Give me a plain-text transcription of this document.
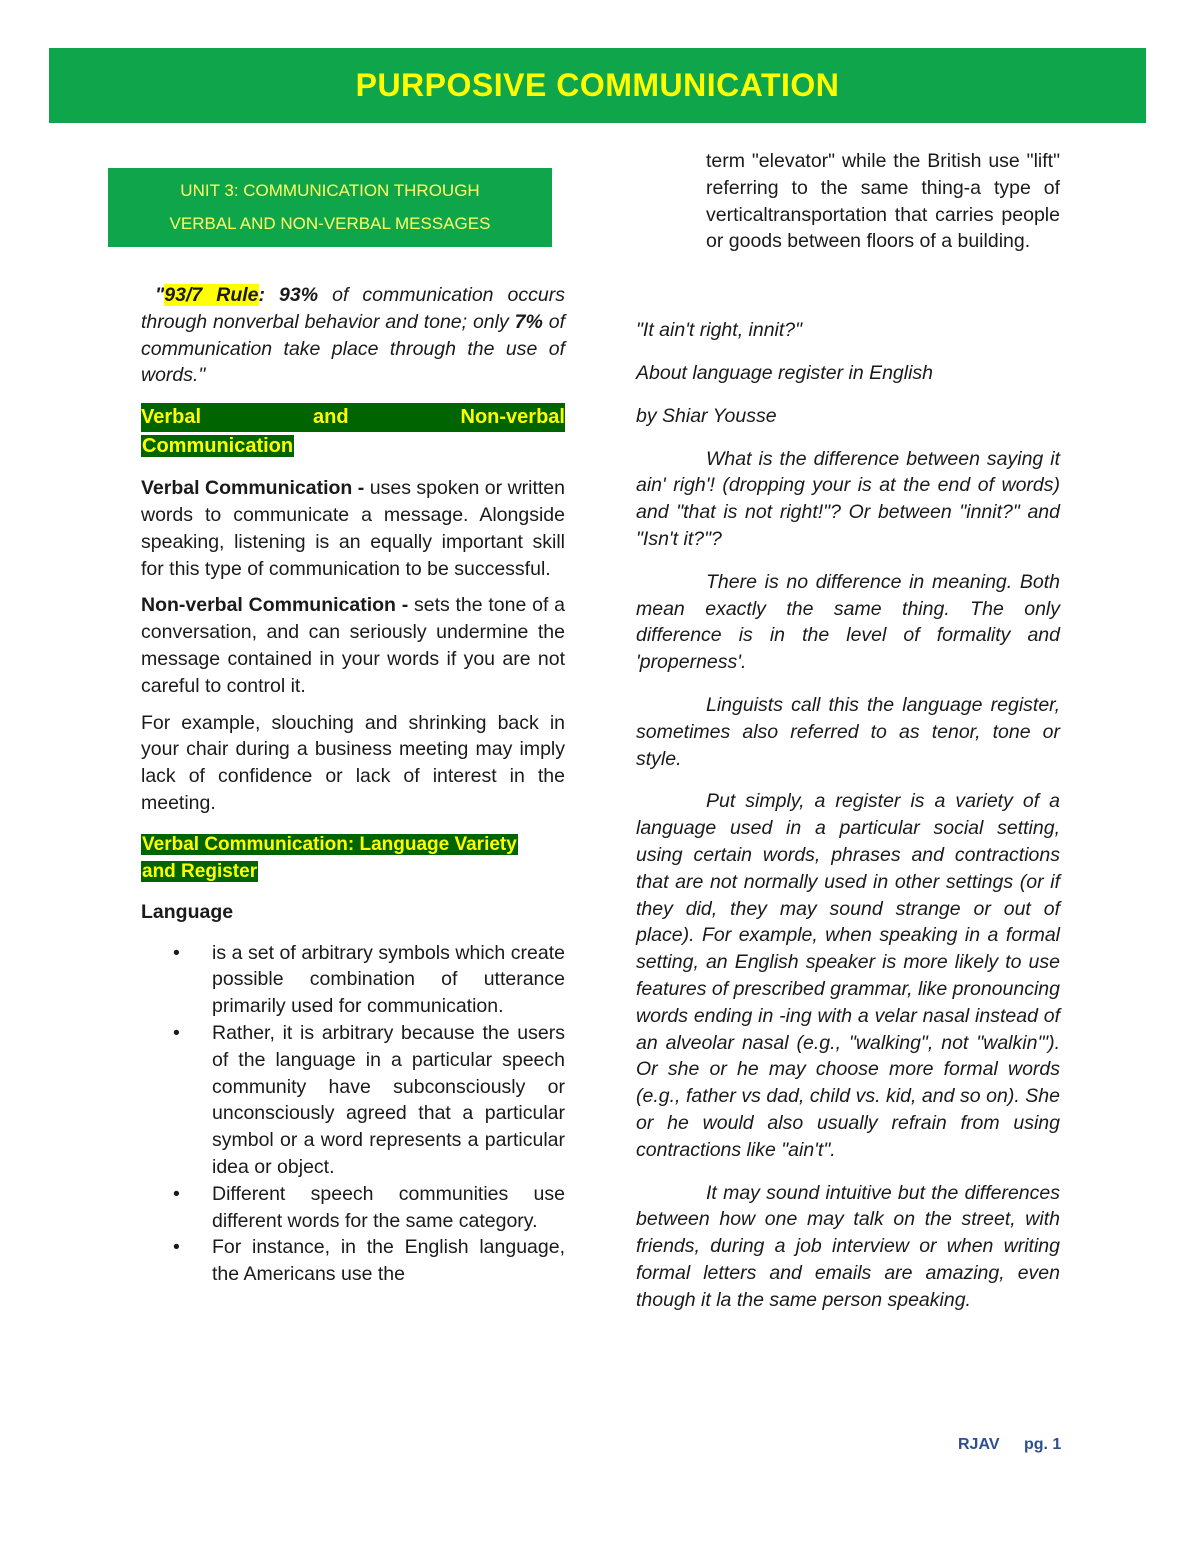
PURPOSIVE COMMUNICATION
UNIT 3: COMMUNICATION THROUGH
VERBAL AND NON-VERBAL MESSAGES

"93/7 Rule: 93% of communication occurs through nonverbal behavior and tone; only 7% of communication take place through the use of words."

Verbal	and	Non-verbal

Communication

Verbal Communication - uses spoken or written words to communicate a message. Alongside speaking, listening is an equally important skill for this type of communication to be successful.

Non-verbal Communication - sets the tone of a conversation, and can seriously undermine the message contained in your words if you are not careful to control it.

For example, slouching and shrinking back in your chair during a business meeting may imply lack of confidence or lack of interest in the meeting.

Verbal Communication: Language Variety

and Register

Language

• is a set of arbitrary symbols which create possible combination of utterance primarily used for communication.
• Rather, it is arbitrary because the users of the language in a particular speech community have subconsciously or unconsciously agreed that a particular symbol or a word represents a particular idea or object.
• Different speech communities use different words for the same category.
• For instance, in the English language, the Americans use the

term "elevator" while the British use "lift" referring to the same thing-a type of verticaltransportation that carries people or goods between floors of a building.

"It ain't right, innit?"

About language register in English

by Shiar Yousse

What is the difference between saying it ain' righ'! (dropping your is at the end of words) and "that is not right!"? Or between "innit?" and "Isn't it?"?

There is no difference in meaning. Both mean exactly the same thing. The only difference is in the level of formality and 'properness'.

Linguists call this the language register, sometimes also referred to as tenor, tone or style.

Put simply, a register is a variety of a language used in a particular social setting, using certain words, phrases and contractions that are not normally used in other settings (or if they did, they may sound strange or out of place). For example, when speaking in a formal setting, an English speaker is more likely to use features of prescribed grammar, like pronouncing words ending in -ing with a velar nasal instead of an alveolar nasal (e.g., "walking", not "walkin'"). Or she or he may choose more formal words (e.g., father vs dad, child vs. kid, and so on). She or he would also usually refrain from using contractions like "ain't".

It may sound intuitive but the differences between how one may talk on the street, with friends, during a job interview or when writing formal letters and emails are amazing, even though it la the same person speaking.

RJAV pg. 1
